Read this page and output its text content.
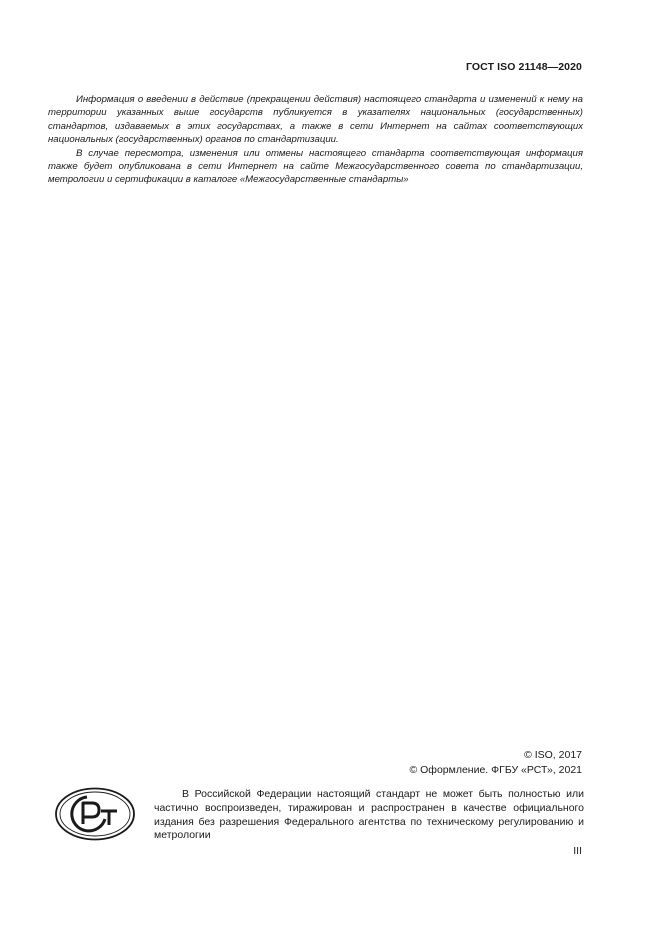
ГОСТ ISO 21148—2020

Информация о введении в действие (прекращении действия) настоящего стандарта и изменений к нему на территории указанных выше государств публикуется в указателях национальных (государственных) стандартов, издаваемых в этих государствах, а также в сети Интернет на сайтах соответствующих национальных (государственных) органов по стандартизации.

В случае пересмотра, изменения или отмены настоящего стандарта соответствующая информация также будет опубликована в сети Интернет на сайте Межгосударственного совета по стандартизации, метрологии и сертификации в каталоге «Межгосударственные стандарты»

© ISO, 2017
© Оформление. ФГБУ «РСТ», 2021

В Российской Федерации настоящий стандарт не может быть полностью или частично воспроизведен, тиражирован и распространен в качестве официального издания без разрешения Федерального агентства по техническому регулированию и метрологии

III
